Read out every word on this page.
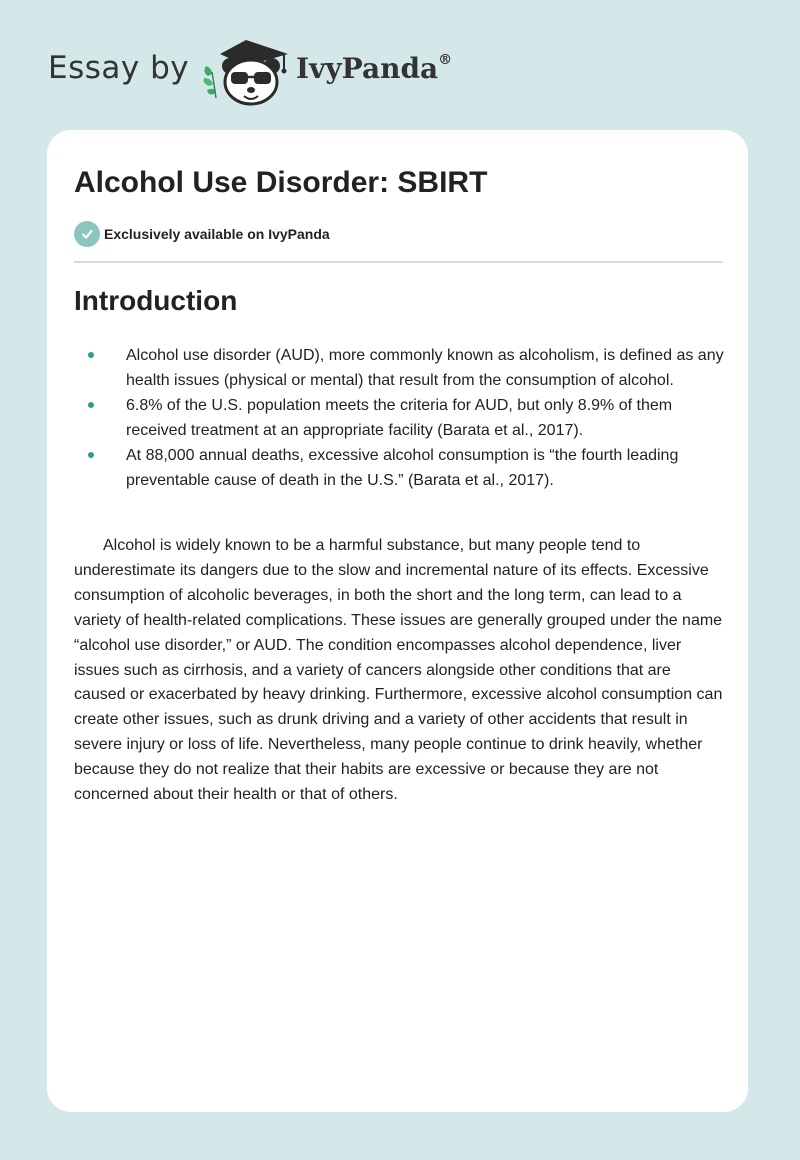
Essay by	IvyPanda®
Alcohol Use Disorder: SBIRT
Exclusively available on IvyPanda
Introduction
Alcohol use disorder (AUD), more commonly known as alcoholism, is defined as any health issues (physical or mental) that result from the consumption of alcohol.
6.8% of the U.S. population meets the criteria for AUD, but only 8.9% of them received treatment at an appropriate facility (Barata et al., 2017).
At 88,000 annual deaths, excessive alcohol consumption is “the fourth leading preventable cause of death in the U.S.” (Barata et al., 2017).

Alcohol is widely known to be a harmful substance, but many people tend to underestimate its dangers due to the slow and incremental nature of its effects. Excessive consumption of alcoholic beverages, in both the short and the long term, can lead to a variety of health-related complications. These issues are generally grouped under the name “alcohol use disorder,” or AUD. The condition encompasses alcohol dependence, liver issues such as cirrhosis, and a variety of cancers alongside other conditions that are caused or exacerbated by heavy drinking. Furthermore, excessive alcohol consumption can create other issues, such as drunk driving and a variety of other accidents that result in severe injury or loss of life. Nevertheless, many people continue to drink heavily, whether because they do not realize that their habits are excessive or because they are not concerned about their health or that of others.
